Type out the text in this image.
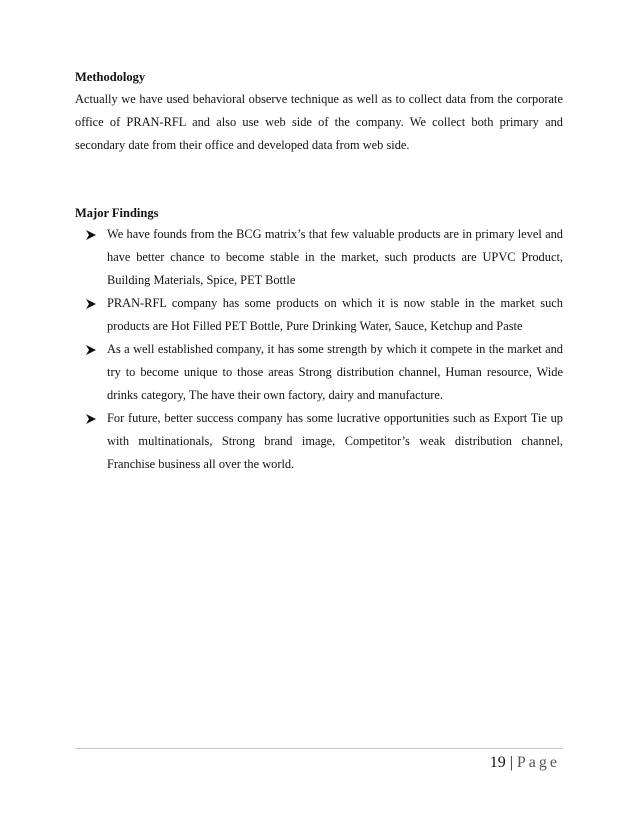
Methodology

Actually we have used behavioral observe technique as well as to collect data from the corporate office of PRAN-RFL and also use web side of the company. We collect both primary and secondary date from their office and developed data from web side.

Major Findings

We have founds from the BCG matrix’s that few valuable products are in primary level and have better chance to become stable in the market, such products are UPVC Product, Building Materials, Spice, PET Bottle

PRAN-RFL company has some products on which it is now stable in the market such products are Hot Filled PET Bottle, Pure Drinking Water, Sauce, Ketchup and Paste

As a well established company, it has some strength by which it compete in the market and try to become unique to those areas Strong distribution channel, Human resource, Wide drinks category, The have their own factory, dairy and manufacture.

For future, better success company has some lucrative opportunities such as Export Tie up with multinationals, Strong brand image, Competitor’s weak distribution channel, Franchise business all over the world.

19 | Page
